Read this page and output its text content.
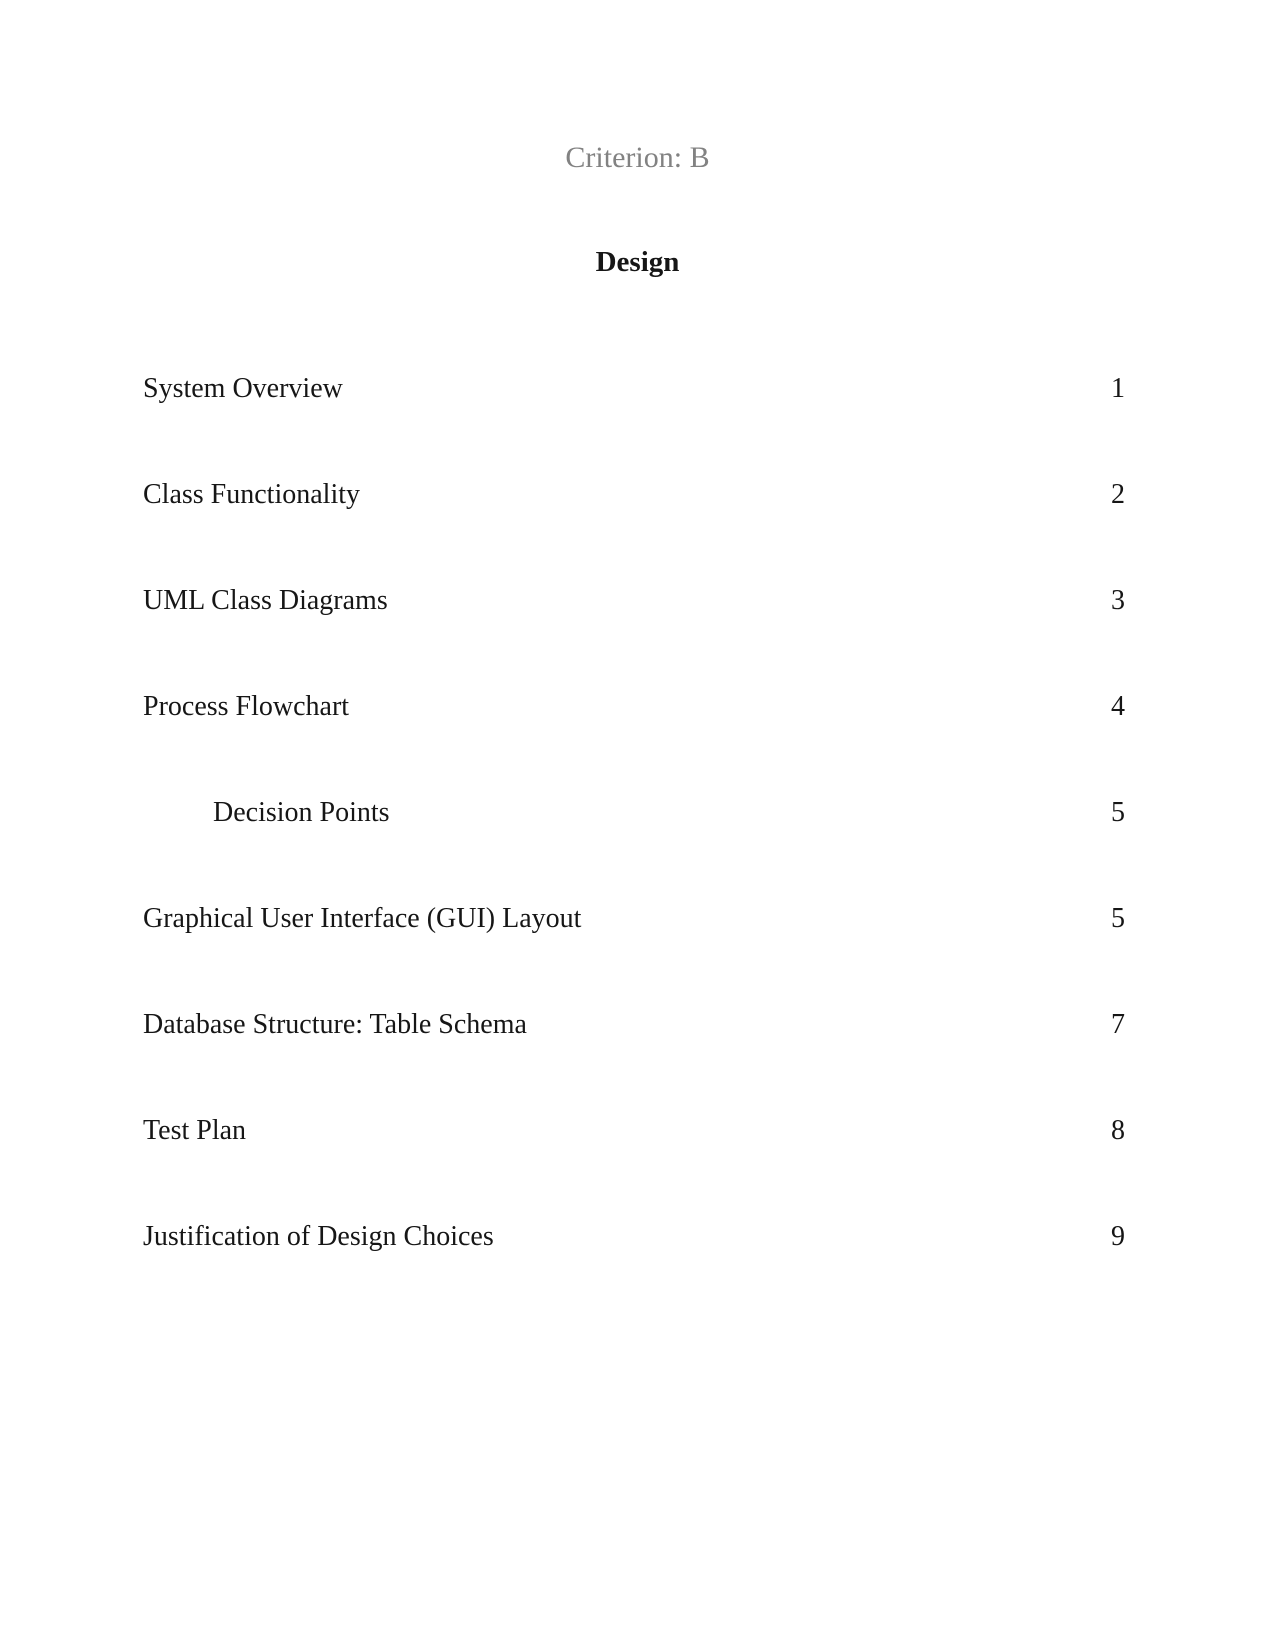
Criterion: B
Design
System Overview	1
Class Functionality	2
UML Class Diagrams	3
Process Flowchart	4
Decision Points	5
Graphical User Interface (GUI) Layout	5
Database Structure: Table Schema	7
Test Plan	8
Justification of Design Choices	9
